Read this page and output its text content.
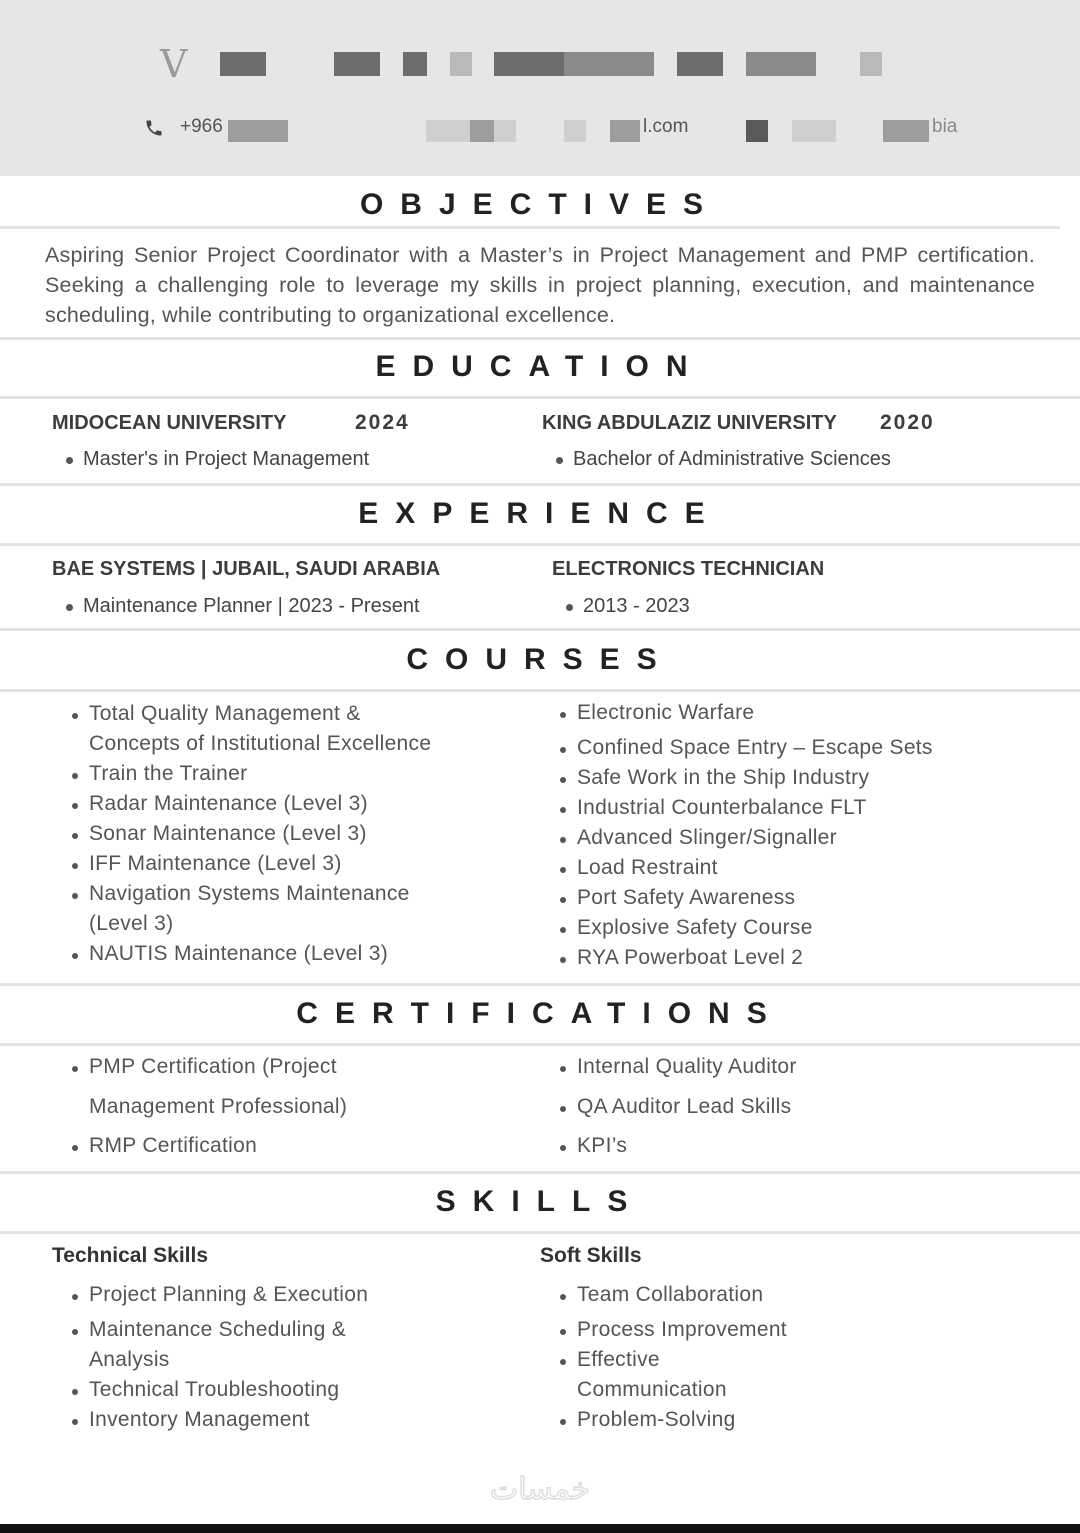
V
+966	l.com	bia
OBJECTIVES

Aspiring Senior Project Coordinator with a Master’s in Project Management and PMP certification. Seeking a challenging role to leverage my skills in project planning, execution, and maintenance scheduling, while contributing to organizational excellence.

EDUCATION
MIDOCEAN UNIVERSITY	2024
Master's in Project Management
KING ABDULAZIZ UNIVERSITY 2020
Bachelor of Administrative Sciences
EXPERIENCE
BAE SYSTEMS | JUBAIL, SAUDI ARABIA
Maintenance Planner | 2023 - Present
ELECTRONICS TECHNICIAN
2013 - 2023
COURSES
Total Quality Management &
Concepts of Institutional Excellence
Train the Trainer
Radar Maintenance (Level 3)
Sonar Maintenance (Level 3)
IFF Maintenance (Level 3)
Navigation Systems Maintenance
(Level 3)
NAUTIS Maintenance (Level 3)
Electronic Warfare
Confined Space Entry – Escape Sets
Safe Work in the Ship Industry
Industrial Counterbalance FLT
Advanced Slinger/Signaller
Load Restraint
Port Safety Awareness
Explosive Safety Course
RYA Powerboat Level 2
CERTIFICATIONS
PMP Certification (Project
Management Professional)
RMP Certification
Internal Quality Auditor
QA Auditor Lead Skills
KPI’s
SKILLS
Technical Skills
Project Planning & Execution
Maintenance Scheduling &
Analysis
Technical Troubleshooting
Inventory Management
Soft Skills
Team Collaboration
Process Improvement
Effective
Communication
Problem-Solving
خمسات
